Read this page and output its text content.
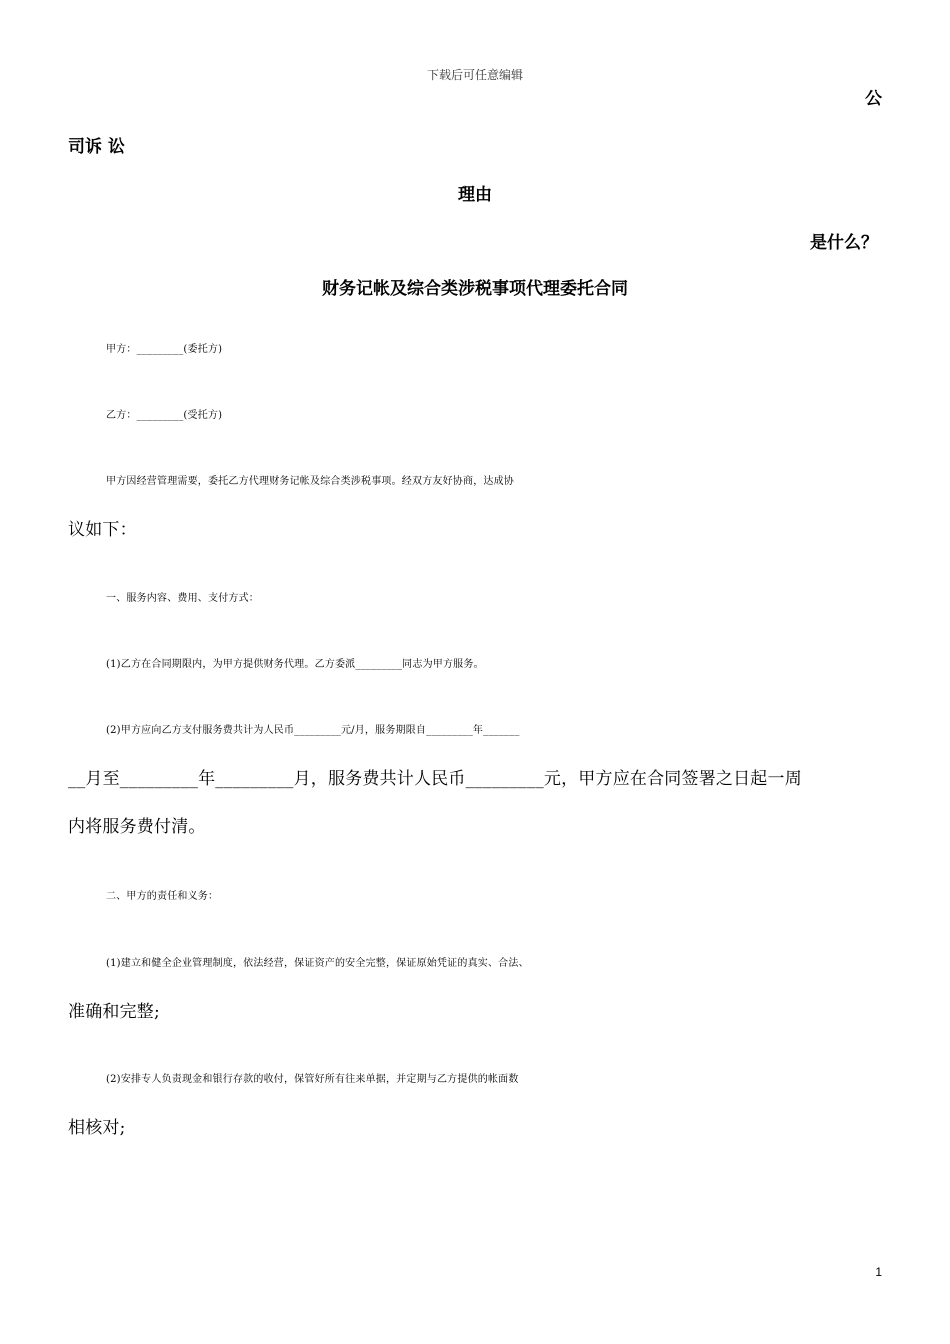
下载后可任意编辑
公
司诉 讼
理由
是什么？
财务记帐及综合类涉税事项代理委托合同
甲方：_________(委托方)
乙方：_________(受托方)
甲方因经营管理需要，委托乙方代理财务记帐及综合类涉税事项。经双方友好协商，达成协
议如下：
一、服务内容、费用、支付方式：
(1)乙方在合同期限内，为甲方提供财务代理。乙方委派_________同志为甲方服务。
(2)甲方应向乙方支付服务费共计为人民币_________元/月，服务期限自_________年_______
__月至_________年_________月，服务费共计人民币_________元，甲方应在合同签署之日起一周
内将服务费付清。
二、甲方的责任和义务：
(1)建立和健全企业管理制度，依法经营，保证资产的安全完整，保证原始凭证的真实、合法、
准确和完整;
(2)安排专人负责现金和银行存款的收付，保管好所有往来单据，并定期与乙方提供的帐面数
相核对;
1
